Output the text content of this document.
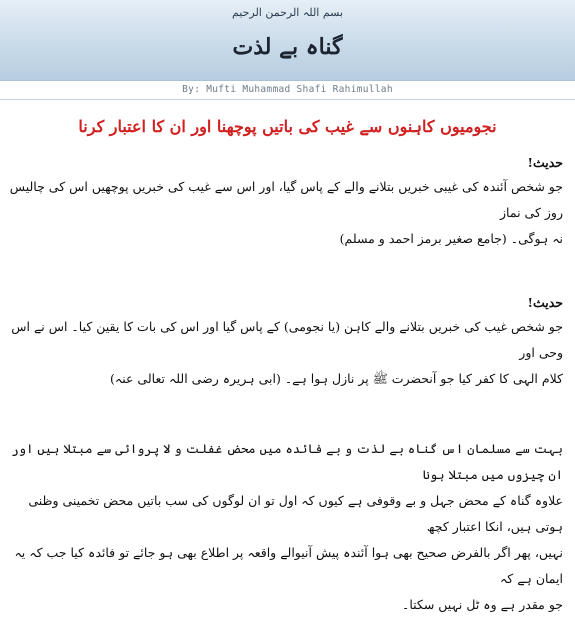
بسم اللہ الرحمن الرحیم
گناہ بے لذت
By: Mufti Muhammad Shafi Rahimullah
نجومیوں کاہنوں سے غیب کی باتیں پوچھنا اور ان کا اعتبار کرنا
حدیث!
جو شخص آئندہ کی غیبی خبریں بتلانے والے کے پاس گیا، اور اس سے غیب کی خبریں پوچھیں اس کی چالیس روز کی نماز
نہ ہوگی۔ (جامع صغیر برمز احمد و مسلم)
حدیث!
جو شخص غیب کی خبریں بتلانے والے کاہن (یا نجومی) کے پاس گیا اور اس کی بات کا یقین کیا۔ اس نے اس وحی اور
کلام الہی کا کفر کیا جو آنحضرت ﷺ پر نازل ہوا ہے۔ (ابی ہریرہ رضی اللہ تعالی عنہ)
بہت سے مسلمان اس گناہ بے لذت و بے فائدہ میں محض غفلت و لا پروائی سے مبتلا ہیں اور ان چیزوں میں مبتلا ہونا
علاوہ گناہ کے محض جہل و بے وقوفی ہے کیوں کہ اول تو ان لوگوں کی سب باتیں محض تخمینی وظنی ہوتی ہیں، انکا اعتبار کچھ
نہیں، پھر اگر بالفرض صحیح بھی ہوا آئندہ پیش آنیوالے واقعہ پر اطلاع بھی ہو جائے تو فائدہ کیا جب کہ یہ ایمان ہے کہ
جو مقدر ہے وہ ٹل نہیں سکتا۔
